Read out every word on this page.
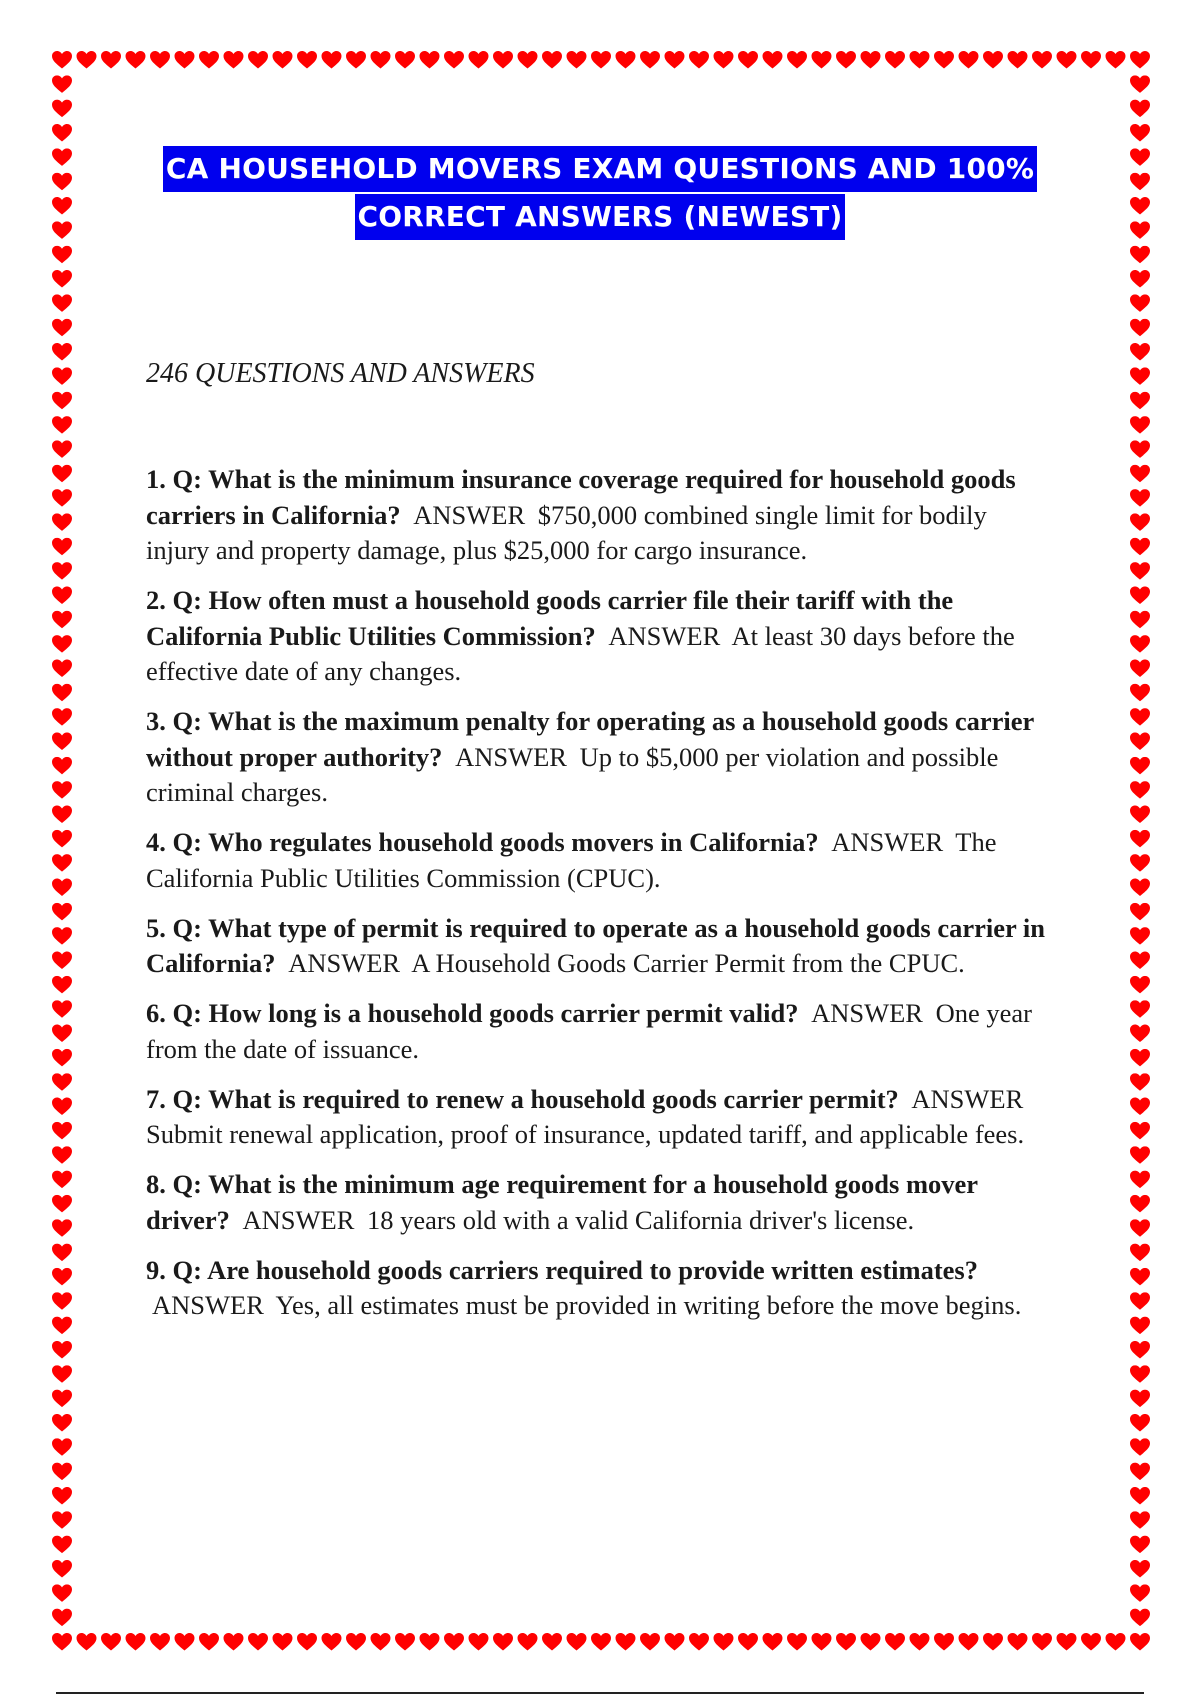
CA HOUSEHOLD MOVERS EXAM QUESTIONS AND 100%
CORRECT ANSWERS (NEWEST)

246 QUESTIONS AND ANSWERS

1. Q: What is the minimum insurance coverage required for household goods carriers in California? ANSWER $750,000 combined single limit for bodily injury and property damage, plus $25,000 for cargo insurance.
2. Q: How often must a household goods carrier file their tariff with the California Public Utilities Commission? ANSWER At least 30 days before the effective date of any changes.
3. Q: What is the maximum penalty for operating as a household goods carrier without proper authority? ANSWER Up to $5,000 per violation and possible criminal charges.
4. Q: Who regulates household goods movers in California? ANSWER The California Public Utilities Commission (CPUC).
5. Q: What type of permit is required to operate as a household goods carrier in California? ANSWER A Household Goods Carrier Permit from the CPUC.
6. Q: How long is a household goods carrier permit valid? ANSWER One year from the date of issuance.
7. Q: What is required to renew a household goods carrier permit? ANSWER Submit renewal application, proof of insurance, updated tariff, and applicable fees.
8. Q: What is the minimum age requirement for a household goods mover driver? ANSWER 18 years old with a valid California driver's license.
9. Q: Are household goods carriers required to provide written estimates? ANSWER Yes, all estimates must be provided in writing before the move begins.
